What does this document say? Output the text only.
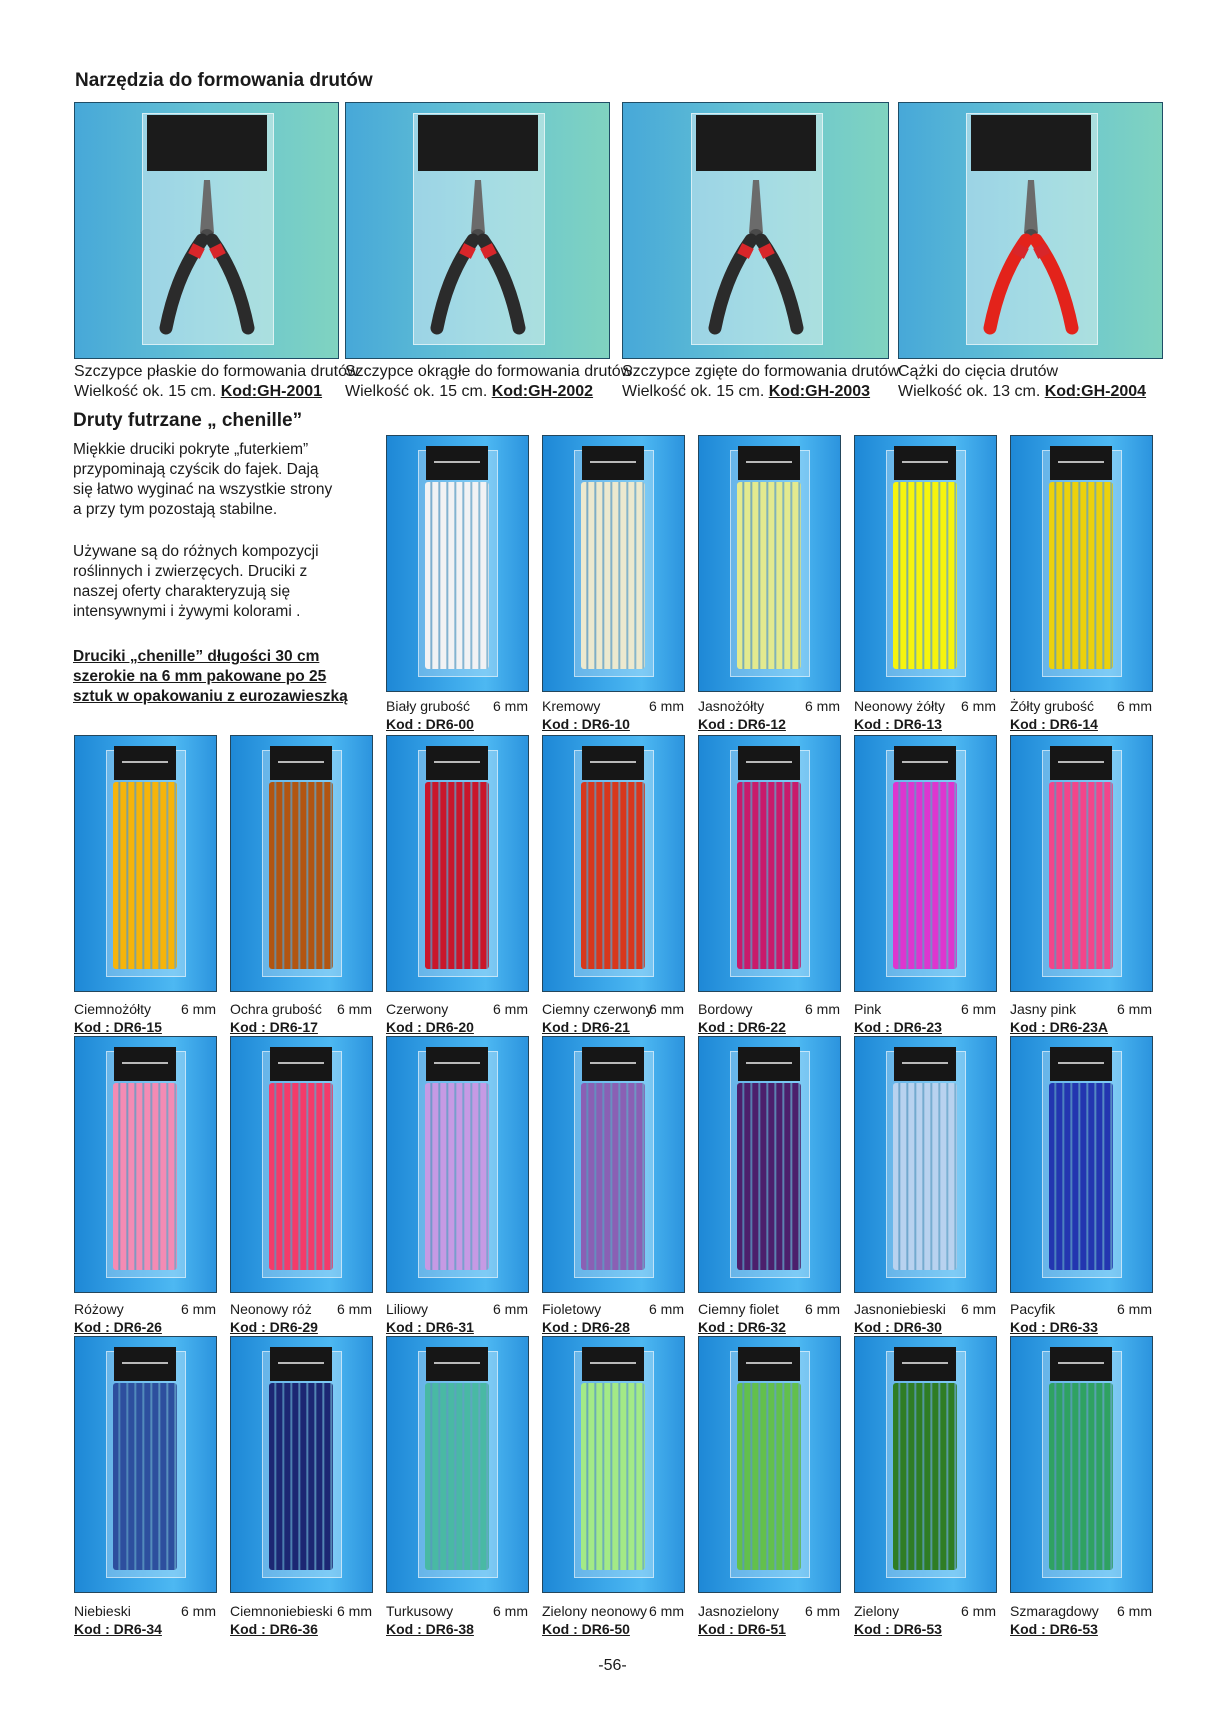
Narzędzia do formowania drutów
Szczypce płaskie do formowania drutów
Wielkość ok. 15 cm. Kod:GH-2001
Szczypce okrągłe do formowania drutów
Wielkość ok. 15 cm. Kod:GH-2002
Szczypce zgięte do formowania drutów
Wielkość ok. 15 cm. Kod:GH-2003
Cążki do cięcia drutów
Wielkość ok. 13 cm. Kod:GH-2004
Druty futrzane „ chenille”
Miękkie druciki pokryte „futerkiem”
przypominają czyścik do fajek. Dają
się łatwo wyginać na wszystkie strony
a przy tym pozostają stabilne.
Używane są do różnych kompozycji
roślinnych i zwierzęcych. Druciki z
naszej oferty charakteryzują się
intensywnymi i żywymi kolorami .
Druciki „chenille” długości 30 cm
szerokie na 6 mm pakowane po 25
sztuk w opakowaniu z eurozawieszką
Biały grubość	6 mm
Kod : DR6-00
Kremowy	6 mm
Kod : DR6-10
Jasnożółty	6 mm
Kod : DR6-12
Neonowy żółty	6 mm
Kod : DR6-13
Żółty grubość	6 mm
Kod : DR6-14
Ciemnożółty	6 mm
Kod : DR6-15
Ochra grubość	6 mm
Kod : DR6-17
Czerwony	6 mm
Kod : DR6-20
Ciemny czerwony
6 mm
Kod : DR6-21
Bordowy	6 mm
Kod : DR6-22
Pink	6 mm
Kod : DR6-23
Jasny pink	6 mm
Kod : DR6-23A
Różowy	6 mm
Kod : DR6-26
Neonowy róż	6 mm
Kod : DR6-29
Liliowy	6 mm
Kod : DR6-31
Fioletowy	6 mm
Kod : DR6-28
Ciemny fiolet	6 mm
Kod : DR6-32
Jasnoniebieski	6 mm
Kod : DR6-30
Pacyfik	6 mm
Kod : DR6-33
Niebieski	6 mm
Kod : DR6-34
Ciemnoniebieski 6 mm
Kod : DR6-36
Turkusowy	6 mm
Kod : DR6-38
Zielony neonowy 6 mm
Kod : DR6-50
Jasnozielony	6 mm
Kod : DR6-51
Zielony	6 mm
Kod : DR6-53
Szmaragdowy	6 mm
Kod : DR6-53
-56-
